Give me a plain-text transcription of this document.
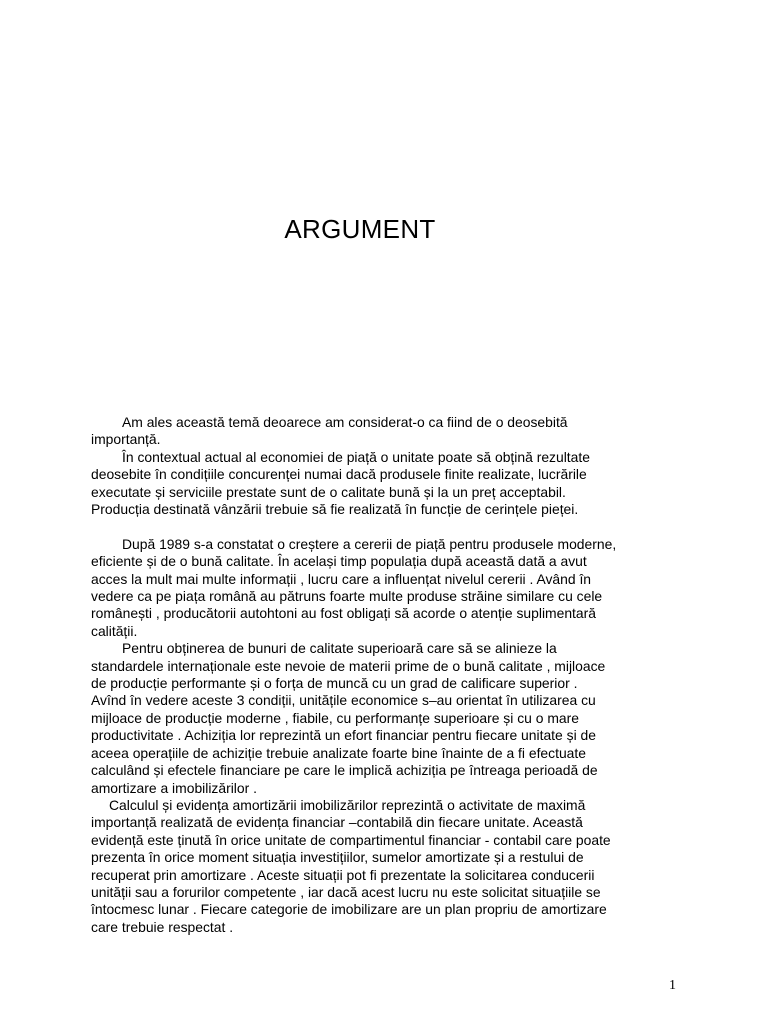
ARGUMENT

Am ales această temă deoarece am considerat-o ca fiind de o deosebită
importanță.

În contextual actual al economiei de piață o unitate poate să obțină rezultate
deosebite în condițiile concurenței numai dacă produsele finite realizate, lucrările
executate și serviciile prestate sunt de o calitate bună și la un preț acceptabil.
Producția destinată vânzării trebuie să fie realizată în funcție de cerințele pieței.

După 1989 s-a constatat o creștere a cererii de piață pentru produsele moderne,
eficiente și de o bună calitate. În același timp populația după această dată a avut
acces la mult mai multe informații , lucru care a influențat nivelul cererii . Având în
vedere ca pe piața română au pătruns foarte multe produse străine similare cu cele
românești , producătorii autohtoni au fost obligați să acorde o atenție suplimentară
calității.

Pentru obținerea de bunuri de calitate superioară care să se alinieze la
standardele internaționale este nevoie de materii prime de o bună calitate , mijloace
de producție performante și o forța de muncă cu un grad de calificare superior .
Avînd în vedere aceste 3 condiții, unitățile economice s–au orientat în utilizarea cu
mijloace de producție moderne , fiabile, cu performanțe superioare și cu o mare
productivitate . Achiziția lor reprezintă un efort financiar pentru fiecare unitate și de
aceea operațiile de achiziție trebuie analizate foarte bine înainte de a fi efectuate
calculând și efectele financiare pe care le implică achiziția pe întreaga perioadă de
amortizare a imobilizărilor .

Calculul și evidența amortizării imobilizărilor reprezintă o activitate de maximă
importanță realizată de evidența financiar –contabilă din fiecare unitate. Această
evidență este ținută în orice unitate de compartimentul financiar - contabil care poate
prezenta în orice moment situația investițiilor, sumelor amortizate și a restului de
recuperat prin amortizare . Aceste situații pot fi prezentate la solicitarea conducerii
unității sau a forurilor competente , iar dacă acest lucru nu este solicitat situațiile se
întocmesc lunar . Fiecare categorie de imobilizare are un plan propriu de amortizare
care trebuie respectat .

1
